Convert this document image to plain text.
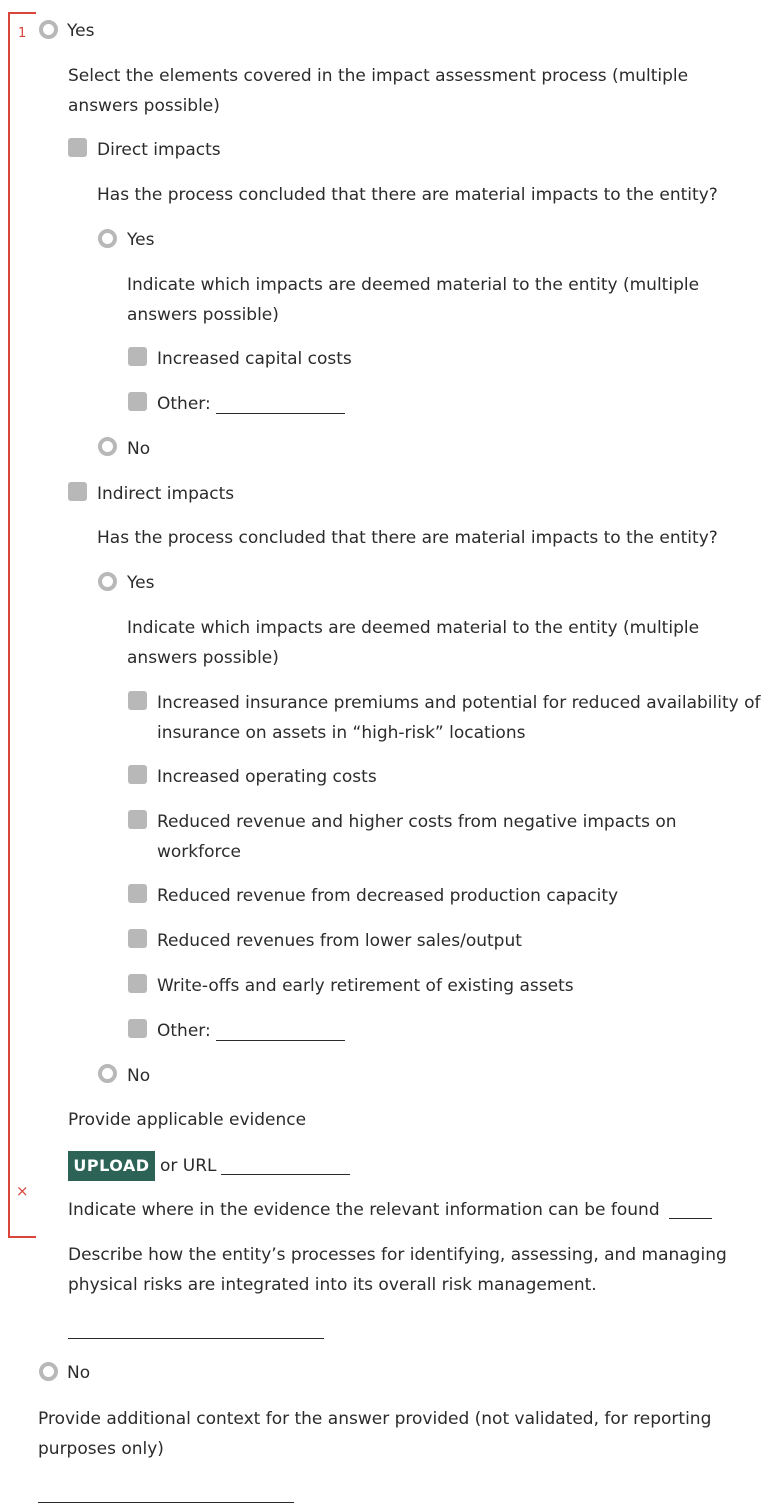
1
×
Yes
Select the elements covered in the impact assessment process (multiple answers possible)
Direct impacts
Has the process concluded that there are material impacts to the entity?
Yes
Indicate which impacts are deemed material to the entity (multiple answers possible)
Increased capital costs
Other:
No
Indirect impacts
Has the process concluded that there are material impacts to the entity?
Yes
Indicate which impacts are deemed material to the entity (multiple answers possible)
Increased insurance premiums and potential for reduced availability of insurance on assets in “high-risk” locations
Increased operating costs
Reduced revenue and higher costs from negative impacts on workforce
Reduced revenue from decreased production capacity
Reduced revenues from lower sales/output
Write-offs and early retirement of existing assets
Other:
No
Provide applicable evidence
UPLOAD or URL
Indicate where in the evidence the relevant information can be found
Describe how the entity’s processes for identifying, assessing, and managing physical risks are integrated into its overall risk management.
No
Provide additional context for the answer provided (not validated, for reporting purposes only)
